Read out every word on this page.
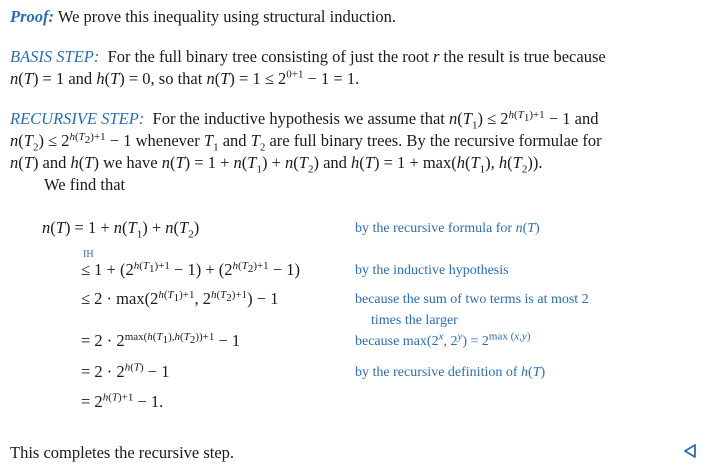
Proof: We prove this inequality using structural induction.
BASIS STEP: For the full binary tree consisting of just the root r the result is true because
n(T) = 1 and h(T) = 0, so that $n(T) = 1 \le 2^{0+1} - 1 = 1$.
RECURSIVE STEP: For the inductive hypothesis we assume that $n(T_1) \le 2^{h(T_1)+1} - 1$ and
$n(T_2) \le 2^{h(T_2)+1} - 1$ whenever $T_1$ and $T_2$ are full binary trees. By the recursive formulae for
n(T) and h(T) we have $n(T) = 1 + n(T_1) + n(T_2)$ and $h(T) = 1 + \max(h(T_1)$, $h(T_2)$).
We find that
$n(T) = 1 + n(T_1) + n(T_2)$	by the recursive formula for n(T)
IH
≤ $1 + (2^{h(T_1)+1} - 1) + (2^{h(T_2)+1} - 1)$	by the inductive hypothesis
≤ $2 \cdot \max(2^{h(T_1)+1}$, $2^{h(T_2)+1}) - 1$	because the sum of two terms is at most 2
times the larger
= $2 \cdot 2^{max(h(T_1),h(T_2))+1} - 1$	because max(2$^x$, $2^y) = 2^{max (x,y)}$
= $2 \cdot 2^{h(T)} - 1$	by the recursive definition of h(T)
= $2^{h(T)+1} - 1$.
This completes the recursive step.
